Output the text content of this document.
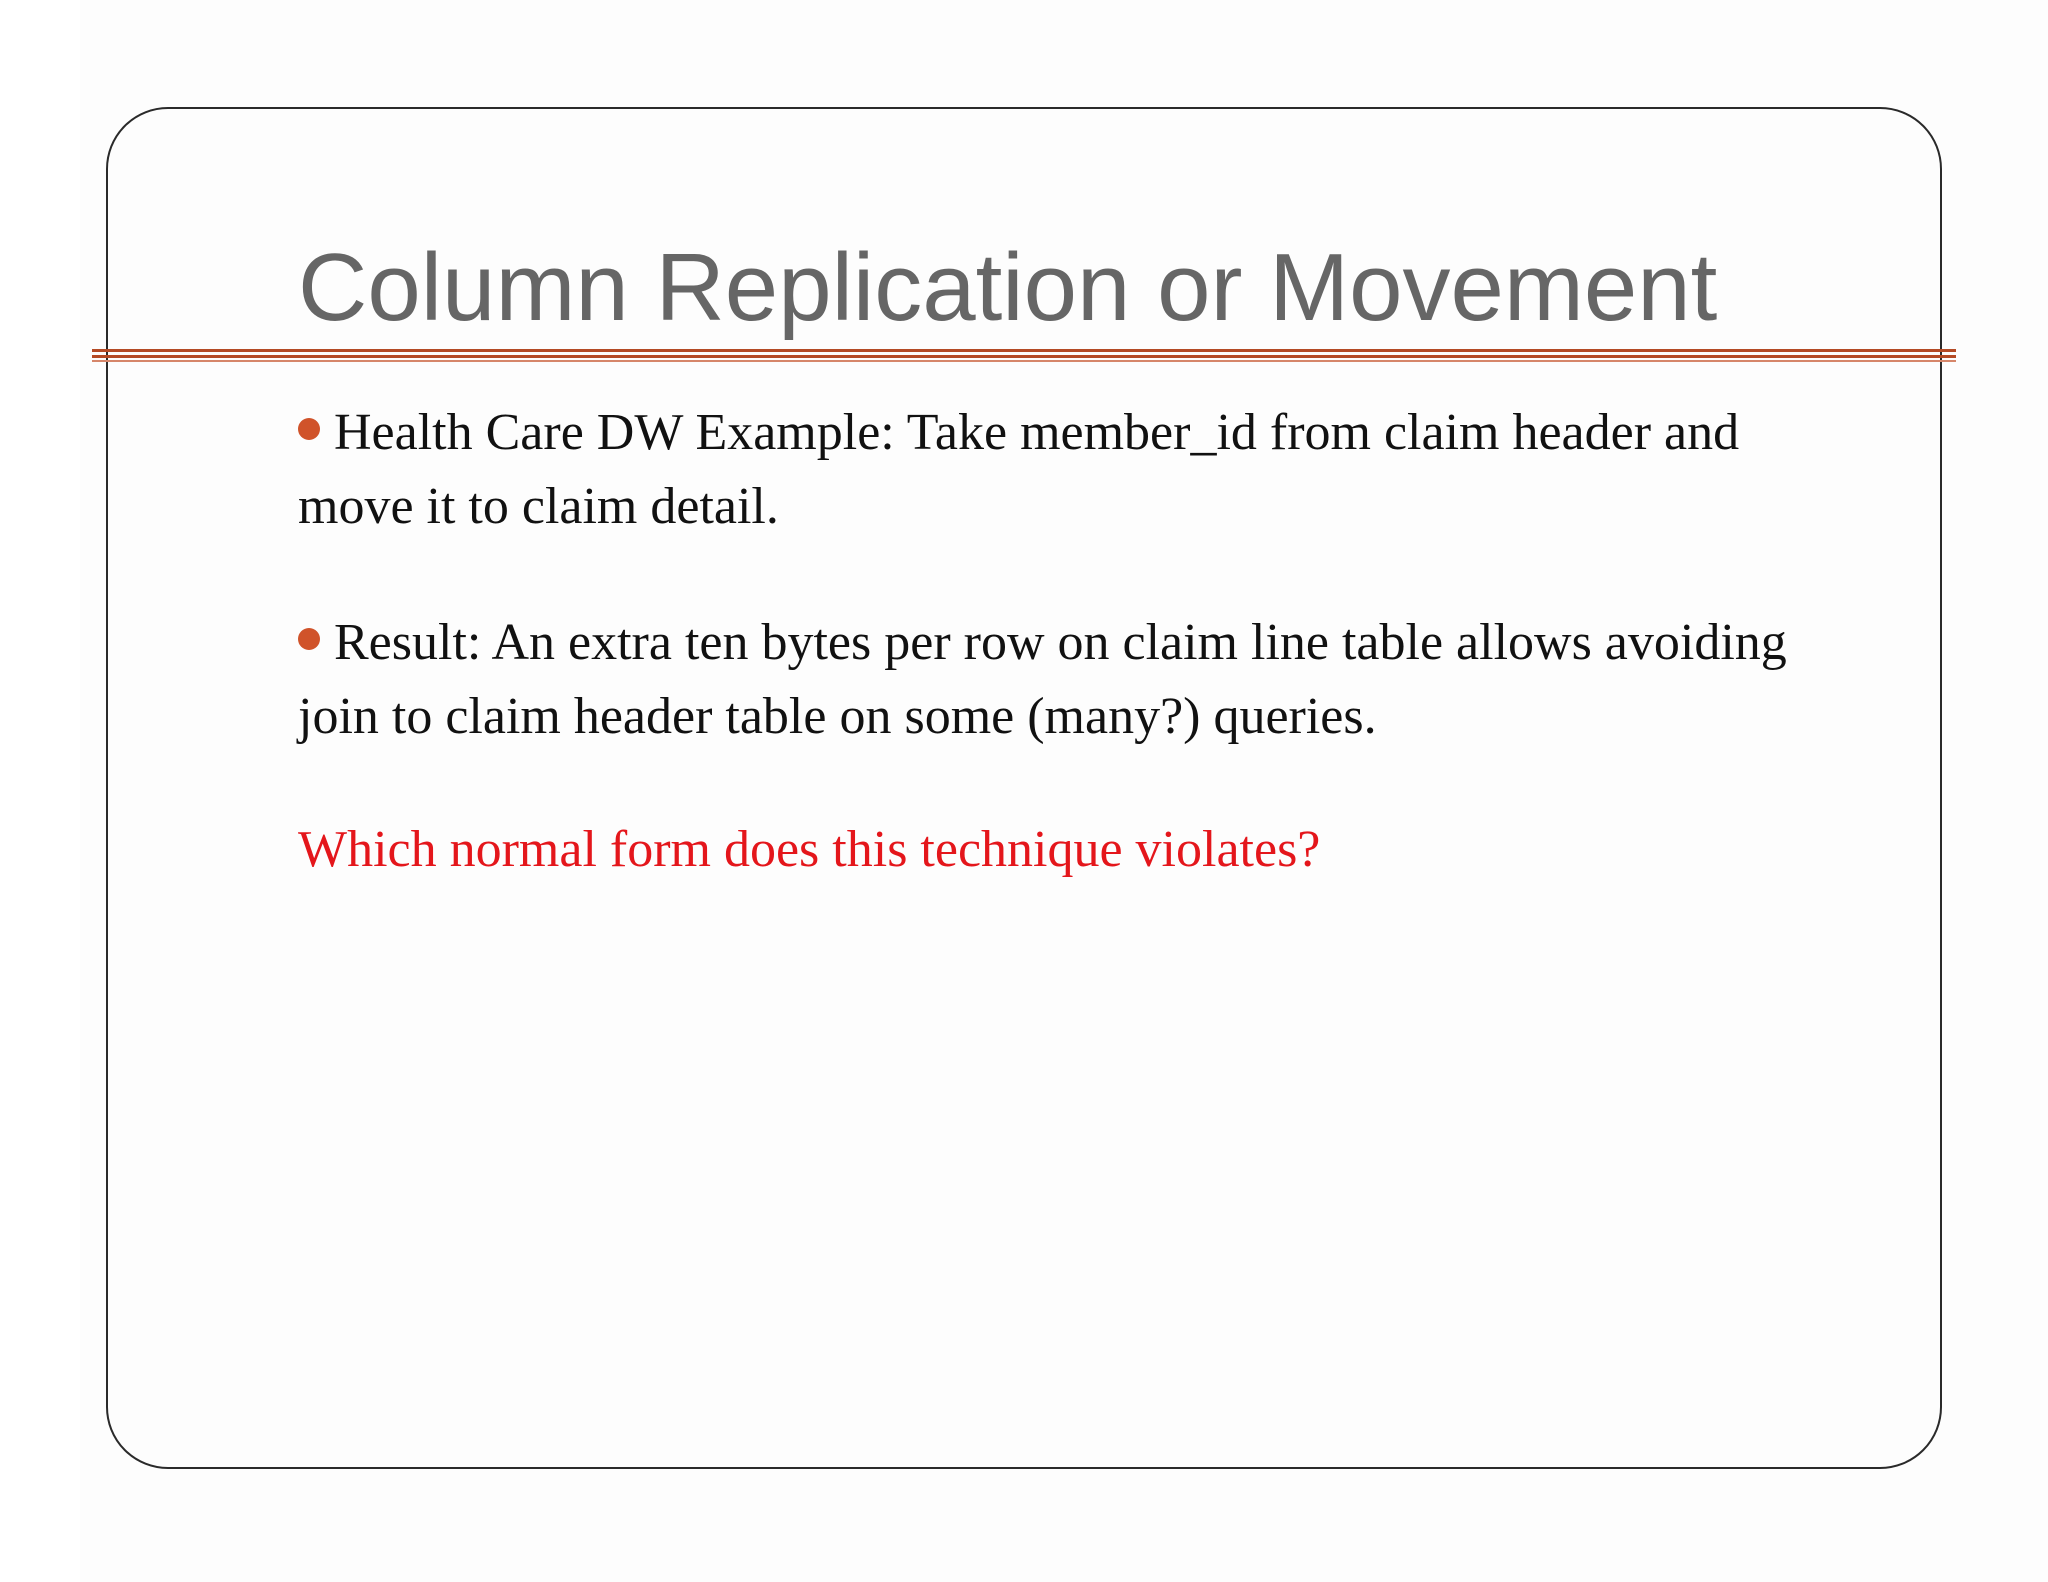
Column Replication or Movement

Health Care DW Example: Take member_id from claim header and move it to claim detail.

Result: An extra ten bytes per row on claim line table allows avoiding join to claim header table on some (many?) queries.

Which normal form does this technique violates?
